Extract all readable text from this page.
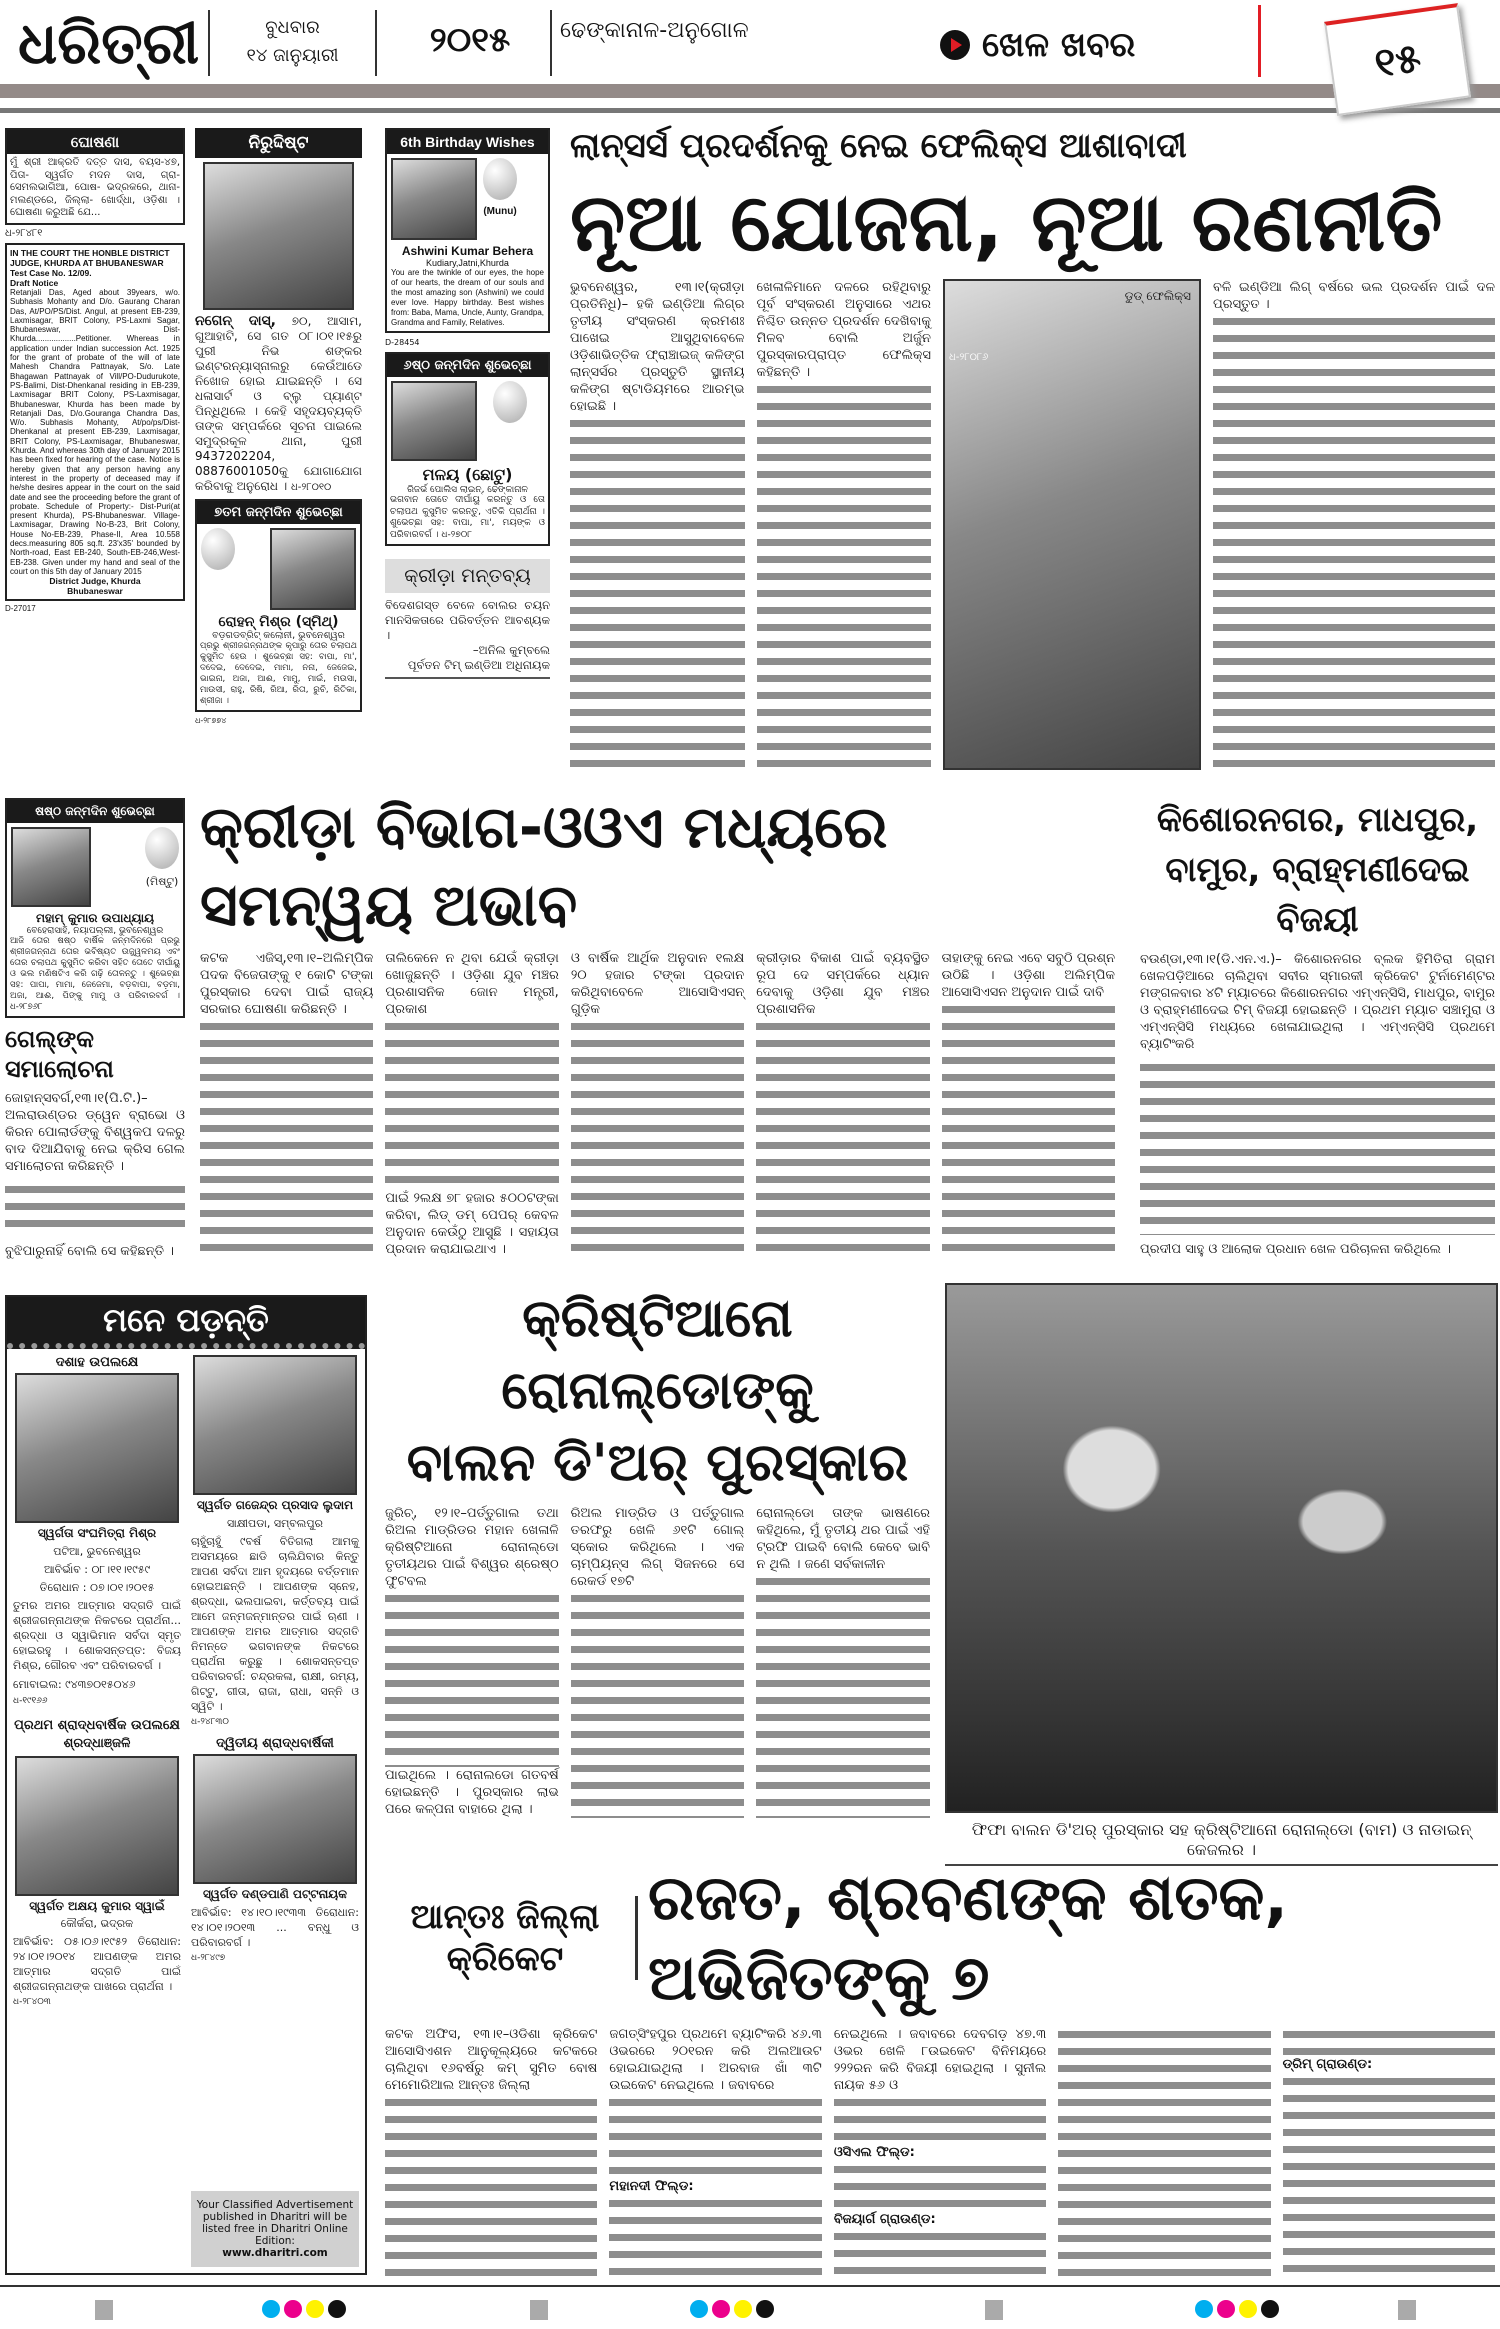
ଧରିତ୍ରୀ	ବୁଧବାର
୧୪ ଜାନୁୟାରୀ	୨୦୧୫	ଢେଙ୍କାନାଳ-ଅନୁଗୋଳ	ଖେଳ ଖବର	୧୫
ଘୋଷଣା
ମୁଁ ଶ୍ରୀ ଆକ୍ରତି ଦତ୍ତ ଦାସ, ବୟସ-୪୭, ପିତା- ସ୍ୱର୍ଗତ ମଦନ ଦାସ, ଗ୍ରା- ସେମଲଭାଗିଆ, ପୋଷ- ଭଦ୍ରକରେ, ଥାନା- ମଲଣ୍ଡରେ, ଜିଲ୍ଲା- ଖୋର୍ଦ୍ଧା, ଓଡ଼ିଶା । ଘୋଷଣା କରୁଅଛି ଯେ...
ଧ-୨୮୪୮୧
IN THE COURT THE HONBLE DISTRICT JUDGE, KHURDA AT BHUBANESWAR
Test Case No. 12/09.
Draft Notice
Retanjali Das, Aged about 39years, w/o. Subhasis Mohanty and D/o. Gaurang Charan Das, At/PO/PS/Dist. Angul, at present EB-239, Laxmisagar, BRIT Colony, PS-Laxmi Sagar, Bhubaneswar, Dist-Khurda..................Petitioner. Whereas in application under Indian succession Act. 1925 for the grant of probate of the will of late Mahesh Chandra Pattnayak, S/o. Late Bhagawan Pattnayak of Vill/PO-Dudurukote, PS-Balimi, Dist-Dhenkanal residing in EB-239, Laxmisagar BRIT Colony, PS-Laxmisagar, Bhubaneswar, Khurda has been made by Retanjali Das, D/o.Gouranga Chandra Das, W/o. Subhasis Mohanty, At/po/ps/Dist-Dhenkanal at present EB-239, Laxmisagar, BRIT Colony, PS-Laxmisagar, Bhubaneswar, Khurda. And whereas 30th day of January 2015 has been fixed for hearing of the case. Notice is hereby given that any person having any interest in the property of deceased may if he/she desires appear in the court on the said date and see the proceeding before the grant of probate. Schedule of Property:- Dist-Puri(at present Khurda), PS-Bhubaneswar. Village-Laxmisagar, Drawing No-B-23, Brit Colony, House No-EB-239, Phase-II, Area 10.558 decs.measuring 805 sq.ft. 23'x35' bounded by North-road, East EB-240, South-EB-246,West-EB-238. Given under my hand and seal of the court on this 5th day of January 2015
District Judge, Khurda
Bhubaneswar
D-27017
ନିରୁଦ୍ଦିଷ୍ଟ
ନଗେନ୍ ଦାସ୍, ୭୦, ଆସାମ, ଗୁଆହାଟି, ସେ ଗତ ୦୮।୦୧।୧୫ରୁ ପୁରୀ ନିଭ ଶଙ୍କର ଇଣ୍ଟରନ୍ୟାସ୍‌ନାଲରୁ କେଉଁଆଡେ ନିଖୋଜ ହୋଇ ଯାଇଛନ୍ତି । ସେ ଧଳାସାର୍ଟ ଓ ବ୍ଲୁ ପ୍ୟାଣ୍ଟ ପିନ୍ଧିଥିଲେ । କେହି ସହୃଦୟବ୍ୟକ୍ତି ତାଙ୍କ ସମ୍ପର୍କରେ ସୂଚନା ପାଇଲେ ସମୁଦ୍ରକୂଳ ଥାନା, ପୁରୀ 9437202204, 08876001050କୁ ଯୋଗାଯୋଗ କରିବାକୁ ଅନୁରୋଧ । ଧ-୨୮୦୧୦
୭ତମ ଜନ୍ମଦିନ ଶୁଭେଚ୍ଛା
ରୋହନ୍ ମିଶ୍ର (ସ୍ମିଥ୍)
ବଡ଼ଗଡବ୍ରିଟ୍ କଲୋନୀ, ଭୁବନେଶ୍ୱର
ପ୍ରଭୁ ଶ୍ରୀଜଗନ୍ନାଥଙ୍କ କୃପାରୁ ତୋର ଚଲାପଥ କୁସୁମିତ ହେଉ । ଶୁଭେଚ୍ଛା ସହ: ବାପା, ମା', ଦଦେଇ, ଦେଦେଇ, ମାମା, ନନା, ଜେଜେଇ, ଭାଇନା, ଅଜା, ଆଈ, ମାମୁ, ମାଇଁ, ମଉସା, ମାଉସୀ, ରାହୁ, ରିଷି, ରିଆ, ରିତା, ରୁଚି, ରିତିକା, ଶ୍ରୀଜା ।
ଧ-୨୮୭୭୪
6th Birthday Wishes
(Munu)
Ashwini Kumar Behera
Kudiary,Jatni,Khurda
You are the twinkle of our eyes, the hope of our hearts, the dream of our souls and the most amazing son (Ashwini) we could ever love. Happy birthday. Best wishes from: Baba, Mama, Uncle, Aunty, Grandpa, Grandma and Family, Relatives.
D-28454
୬ଷ୍ଠ ଜନ୍ମଦିନ ଶୁଭେଚ୍ଛା
ମଳୟ (ଛୋଟୁ)
ରିଜର୍ଭ ପୋଲିସ ଲାଇନ୍, ଢେଙ୍କାନାଳ
ଭଗବାନ ତୋତେ ଦୀର୍ଘାୟୁ କରନ୍ତୁ ଓ ତୋ ଚଲାପଥ କୁସୁମିତ କରନ୍ତୁ, ଏତିକି ପ୍ରାର୍ଥନା । ଶୁଭେଚ୍ଛା ସହ: ବାପା, ମା', ମୟଙ୍କ ଓ ପରିବାରବର୍ଗ । ଧ-୨୭୦୮
କ୍ରୀଡ଼ା ମନ୍ତବ୍ୟ
ବିଦେଶଗସ୍ତ ବେଳେ ବୋଲର ଚୟନ ମାନସିକତାରେ ପରିବର୍ତ୍ତନ ଆବଶ୍ୟକ ।
–ଅନିଲ କୁମ୍ବଲେ
ପୂର୍ବତନ ଟିମ୍ ଇଣ୍ଡିଆ ଅଧିନାୟକ
ଲାନ୍ସର୍ସ ପ୍ରଦର୍ଶନକୁ ନେଇ ଫେଲିକ୍ସ ଆଶାବାଦୀ
ନୂଆ ଯୋଜନା, ନୂଆ ରଣନୀତି

ଭୁବନେଶ୍ୱର, ୧୩।୧(କ୍ରୀଡ଼ା ପ୍ରତିନିଧି)– ହକି ଇଣ୍ଡିଆ ଲିଗ୍‌ର ତୃତୀୟ ସଂସ୍କରଣ କ୍ରମଶଃ ପାଖେଇ ଆସୁଥିବାବେଳେ ଓଡ଼ିଶାଭିତ୍ତିକ ଫ୍ରାଞ୍ଚାଇଜ୍ କଳିଙ୍ଗ ଲାନ୍ସର୍ସର ପ୍ରସ୍ତୁତି ସ୍ଥାନୀୟ କଳିଙ୍ଗ ଷ୍ଟାଡିୟମରେ ଆରମ୍ଭ ହୋଇଛି ।

ଖେଳାଳିମାନେ ଦଳରେ ରହିଥିବାରୁ ପୂର୍ବ ସଂସ୍କରଣ ଅନୁସାରେ ଏଥର ନିଶ୍ଚିତ ଉନ୍ନତ ପ୍ରଦର୍ଶନ ଦେଖିବାକୁ ମିଳବ ବୋଲି ଅର୍ଜୁନ ପୁରସ୍କାରପ୍ରାପ୍ତ ଫେଲିକ୍ସ କହିଛନ୍ତି ।

ଡୁଡ୍ ଫେଲିକ୍ସ
ଧ-୨୮୦୮୬

ବଳି ଇଣ୍ଡିଆ ଲିଗ୍ ବର୍ଷରେ ଭଲ ପ୍ରଦର୍ଶନ ପାଇଁ ଦଳ ପ୍ରସ୍ତୁତ ।

ଷଷ୍ଠ ଜନ୍ମଦିନ ଶୁଭେଚ୍ଛା
(ମିଷ୍ଟୁ)
ମହାମ୍ କୁମାର ଉପାଧ୍ୟାୟ
ବେହେରାସାହି, ନୟାପଲ୍ଲୀ, ଭୁବନେଶ୍ୱର
ଆଜି ତୋର ଷଷ୍ଠ ବାର୍ଷିକ ଜନ୍ମଦିନରେ ପ୍ରଭୁ ଶ୍ରୀଜଗନ୍ନାଥ ତୋର ଭବିଷ୍ୟତ ଉଜ୍ଜ୍ୱଳମୟ ଏବଂ ତୋର ଚଲାପଥ କୁସୁମିତ କରିବା ସହିତ ତୋତେ ଦୀର୍ଘାୟୁ ଓ ଭଲ ମଣିଷଟିଏ କରି ଗଢ଼ି ତୋଳନ୍ତୁ । ଶୁଭେଚ୍ଛା ସହ: ପାପା, ମାମା, ଜେଜେମା, ବଡ଼ବାପା, ବଡ଼ମା, ଅଜା, ଆଈ, ପିଙ୍କୁ ମାମୁ ଓ ପରିବାରବର୍ଗ । ଧ-୨୮୭୬୮
ଗେଲ୍‌ଙ୍କ ସମାଲୋଚନା

ଜୋହାନ୍ସବର୍ଗ,୧୩।୧(ପି.ଟି.)– ଅଲରାଉଣ୍ଡର ଡ୍ୱେନ ବ୍ରାଭୋ ଓ କିରନ ପୋଲାର୍ଡଙ୍କୁ ବିଶ୍ୱକପ ଦଳରୁ ବାଦ ଦିଆଯିବାକୁ ନେଇ କ୍ରିସ ଗେଲ ସମାଲୋଚନା କରିଛନ୍ତି ।

ବୁଝିପାରୁନାହିଁ ବୋଲି ସେ କହିଛନ୍ତି ।

କ୍ରୀଡ଼ା ବିଭାଗ-ଓଓଏ ମଧ୍ୟରେ ସମନ୍ୱୟ ଅଭାବ

କଟକ ଏଜିସ୍,୧୩।୧–ଅଲିମ୍ପିକ ପଦକ ବିଜେତାଙ୍କୁ ୧ କୋଟି ଟଙ୍କା ପୁରସ୍କାର ଦେବା ପାଇଁ ରାଜ୍ୟ ସରକାର ଘୋଷଣା କରିଛନ୍ତି ।

ତାଲିକେନେ ନ ଥିବା ଯେଉଁ କ୍ରୀଡ଼ା ଖୋଜୁଛନ୍ତି । ଓଡ଼ିଶା ଯୁବ ମଞ୍ଚର ପ୍ରଶାସନିକ ଜୋନ ମନ୍ତ୍ରୀ, ପ୍ରକାଶ

ପାଇଁ ୨ଲକ୍ଷ ୭୮ ହଜାର ୫୦୦ଟଙ୍କା କରିବା, ଲିଡ୍ ଡମ୍ ପେପର୍ କେବଳ ଅନୁଦାନ କେଉଁଠୁ ଆସୁଛି । ସହାୟତା ପ୍ରଦାନ କରାଯାଇଥାଏ ।

ଓ ବାର୍ଷିକ ଆର୍ଥିକ ଅନୁଦାନ ୧ଲକ୍ଷ ୨୦ ହଜାର ଟଙ୍କା ପ୍ରଦାନ କରିଥିବାବେଳେ ଆସୋସିଏସନ୍ ଗୁଡ଼ିକ

କ୍ରୀଡ଼ାର ବିକାଶ ପାଇଁ ବ୍ୟବସ୍ଥିତ ରୂପ ଦେ ସମ୍ପର୍କରେ ଧ୍ୟାନ ଦେବାକୁ ଓଡ଼ିଶା ଯୁବ ମଞ୍ଚର ପ୍ରଶାସନିକ

ତାହାଙ୍କୁ ନେଇ ଏବେ ସବୁଠି ପ୍ରଶ୍ନ ଉଠିଛି । ଓଡ଼ିଶା ଅଲିମ୍ପିକ ଆସୋସିଏସନ ଅନୁଦାନ ପାଇଁ ଦାବି

କିଶୋରନଗର, ମାଧପୁର, ବାମୁର, ବ୍ରାହ୍ମଣୀଦେଇ ବିଜୟୀ

ବଉଣ୍ଡା,୧୩।୧(ଡି.ଏନ.ଏ.)– କିଶୋରନଗର ବ୍ଲକ ହିମିତିରା ଗ୍ରାମ ଖେଳପଡ଼ିଆରେ ଚାଲିଥିବା ସବୀର ସ୍ମାରକୀ କ୍ରିକେଟ ଟୁର୍ନାମେଣ୍ଟର ମଙ୍ଗଳବାର ୪ଟି ମ୍ୟାଚରେ କିଶୋରନଗର ଏମ୍ଏନ୍‌ସିସି, ମାଧପୁର, ବାମୁର ଓ ବ୍ରାହ୍ମଣୀଦେଇ ଟିମ୍ ବିଜୟୀ ହୋଇଛନ୍ତି । ପ୍ରଥମ ମ୍ୟାଚ ସଞ୍ଚାମୁରା ଓ ଏମ୍ଏନ୍‌ସିସି ମଧ୍ୟରେ ଖେଳାଯାଇଥିଲା । ଏମ୍ଏନ୍‌ସିସି ପ୍ରଥମେ ବ୍ୟାଟିଂକରି

ପ୍ରଦୀପ ସାହୁ ଓ ଆଲୋକ ପ୍ରଧାନ ଖେଳ ପରିଚାଳନା କରିଥିଲେ ।

ମନେ ପଡ଼ନ୍ତି
ଦଶାହ ଉପଲକ୍ଷେ
ସ୍ୱର୍ଗତା ସଂଘମିତ୍ରା ମିଶ୍ର
ପଟିଆ, ଭୁବନେଶ୍ୱର
ଆବିର୍ଭାବ : ୦୮।୧୧।୧୯୫୯
ତିରୋଧାନ : ୦୭।୦୧।୨୦୧୫
ତୁମର ଅମର ଆତ୍ମାର ସଦ୍‌ଗତି ପାଇଁ ଶ୍ରୀଜଗନ୍ନାଥଙ୍କ ନିକଟରେ ପ୍ରାର୍ଥନା... ଶ୍ରଦ୍ଧା ଓ ସ୍ୱାଭିମାନ ସର୍ବଦା ସ୍ମୃତ ହୋଇରହୁ । ଶୋକସନ୍ତପ୍ତ: ବିଜୟ ମିଶ୍ର, ଗୌରବ ଏବଂ ପରିବାରବର୍ଗ ।
ମୋବାଇଲ: ୯୪୩୭୦୧୫୦୪୬
ଧ-୧୯୧୬୬
ପ୍ରଥମ ଶ୍ରାଦ୍ଧବାର୍ଷିକ ଉପଲକ୍ଷେ ଶ୍ରଦ୍ଧାଞ୍ଜଳି
ସ୍ୱର୍ଗତ ଅକ୍ଷୟ କୁମାର ସ୍ୱାଇଁ
କୌର୍କରା, ଭଦ୍ରକ
ଆବିର୍ଭାବ: ୦୫।୦୬।୧୯୫୨ ତିରୋଧାନ: ୨୪।୦୧।୨୦୧୪ ଆପଣଙ୍କ ଅମର ଆତ୍ମାର ସଦ୍‌ଗତି ପାଇଁ ଶ୍ରୀଜଗନ୍ନାଥଙ୍କ ପାଖରେ ପ୍ରାର୍ଥନା ।
ଧ-୨୮୪୦୩
ସ୍ୱର୍ଗତ ଗଜେନ୍ଦ୍ର ପ୍ରସାଦ ଲୁଦାମ
ସାକ୍ଷୀପଡା, ସମ୍ବଲପୁର
ଚାହୁଁଚାହୁଁ ୯ବର୍ଷ ବିତିଗଲା ଆମକୁ ଅସମୟରେ ଛାଡି ଚାଲିଯିବାର କିନ୍ତୁ ଆପଣ ସର୍ବଦା ଆମ ହୃଦୟରେ ବର୍ତ୍ତମାନ ହୋଇଅଛନ୍ତି । ଆପଣଙ୍କ ସ୍ନେହ, ଶ୍ରଦ୍ଧା, ଭଲପାଇବା, କର୍ତ୍ତବ୍ୟ ପାଇଁ ଆମେ ଜନ୍ମଜନ୍ମାନ୍ତର ପାଇଁ ଋଣୀ । ଆପଣଙ୍କ ଅମର ଆତ୍ମାର ସଦ୍‌ଗତି ନିମନ୍ତେ ଭଗବାନଙ୍କ ନିକଟରେ ପ୍ରାର୍ଥନା କରୁଛୁ । ଶୋକସନ୍ତପ୍ତ ପରିବାରବର୍ଗ: ଚନ୍ଦ୍ରକଳା, ରାକ୍ଷୀ, ରମ୍ୟ, ଗିଟ୍ଟୁ, ଗୀତା, ରାଜା, ରାଧା, ସନ୍ନି ଓ ସ୍ୱିଟି ।
ଧ-୨୪୮୩୦
ଦ୍ୱିତୀୟ ଶ୍ରାଦ୍ଧବାର୍ଷିକୀ
ସ୍ୱର୍ଗତ ଦଣ୍ଡପାଣି ପଟ୍ଟନାୟକ
ଆବିର୍ଭାବ: ୧୪।୧୦।୧୯୩୩ ତିରୋଧାନ: ୧୪।୦୧।୨୦୧୩ ... ବନ୍ଧୁ ଓ ପରିବାରବର୍ଗ ।
ଧ-୨୮୪୯୭
Your Classified Advertisement published in Dharitri will be listed free in Dharitri Online Edition:
www.dharitri.com
କ୍ରିଷ୍ଟିଆନୋ ରୋନାଲ୍‌ଡୋଙ୍କୁ
ବାଲନ ଡି'ଅର୍ ପୁରସ୍କାର

ଜୁରିଚ୍, ୧୨।୧–ପର୍ତ୍ତୁଗାଲ ତଥା ରିଅଲ ମାଡ୍ରିଡର ମହାନ ଖେଳାଳି କ୍ରିଷ୍ଟିଆନୋ ରୋନାଲ୍‌ଡୋ ତୃତୀୟଥର ପାଇଁ ବିଶ୍ୱର ଶ୍ରେଷ୍ଠ ଫୁଟବଲ

ପାଇଥିଲେ । ରୋନାଲଡୋ ଗତବର୍ଷ ହୋଇଛନ୍ତି । ପୁରସ୍କାର ଲାଭ ପରେ କଳ୍ପନା ବାହାରେ ଥିଲା ।

ରିଅଲ ମାଡ୍ରିଡ ଓ ପର୍ତ୍ତୁଗାଲ ତରଫରୁ ଖେଳି ୬୧ଟି ଗୋଲ୍ ସ୍କୋର କରିଥିଲେ । ଏକ ଚାମ୍ପିୟନ୍ସ ଲିଗ୍ ସିଜନରେ ସେ ରେକର୍ଡ ୧୭ଟି

ରୋନାଲ୍‌ଡୋ ତାଙ୍କ ଭାଷଣରେ କହିଥିଲେ, ମୁଁ ତୃତୀୟ ଥର ପାଇଁ ଏହି ଟ୍ରଫି ପାଇବି ବୋଲି କେବେ ଭାବି ନ ଥିଲି । ଜଣେ ସର୍ବକାଳୀନ

ଫିଫା ବାଲନ ଡି'ଅର୍ ପୁରସ୍କାର ସହ କ୍ରିଷ୍ଟିଆନୋ ରୋନାଲ୍ଡୋ (ବାମ) ଓ ନାଡାଇନ୍ କେଜଲର ।
ଆନ୍ତଃ ଜିଲ୍ଲା
କ୍ରିକେଟ
ରଜତ, ଶ୍ରବଣଙ୍କ ଶତକ, ଅଭିଜିତଙ୍କୁ ୭

କଟକ ଅଫିସ, ୧୩।୧–ଓଡିଶା କ୍ରିକେଟ ଆସୋସିଏଶନ ଆନୁକୂଲ୍ୟରେ କଟକରେ ଚାଲିଥିବା ୧୬ବର୍ଷରୁ କମ୍ ସୁମିତ ବୋଷ ମେମୋରିଆଲ ଆନ୍ତଃ ଜିଲ୍ଲା

ଜଗତ୍‌ସିଂହପୁର ପ୍ରଥମେ ବ୍ୟାଟିଂକରି ୪୬.୩ ଓଭରରେ ୨୦୧ରନ କରି ଅଲଆଉଟ ହୋଇଯାଇଥିଲା । ଅରବାଜ ଖାଁ ୩ଟି ଉଇକେଟ ନେଇଥିଲେ । ଜବାବରେ

ମହାନଦୀ ଫିଲ୍ଡ:

ନେଇଥିଲେ । ଜବାବରେ ଦେବଗଡ଼ ୪୭.୩ ଓଭର ଖେଳି ୮ଉଇକେଟ ବିନିମୟରେ ୨୨୨ରନ କରି ବିଜୟୀ ହୋଇଥିଲା । ସୁନୀଲ ନାୟକ ୫୬ ଓ

ଓସିଏଲ ଫିଲ୍ଡ:
ବିଜୟାର୍ଗ ଗ୍ରାଉଣ୍ଡ:
ଡ୍ରିମ୍ ଗ୍ରାଉଣ୍ଡ:
